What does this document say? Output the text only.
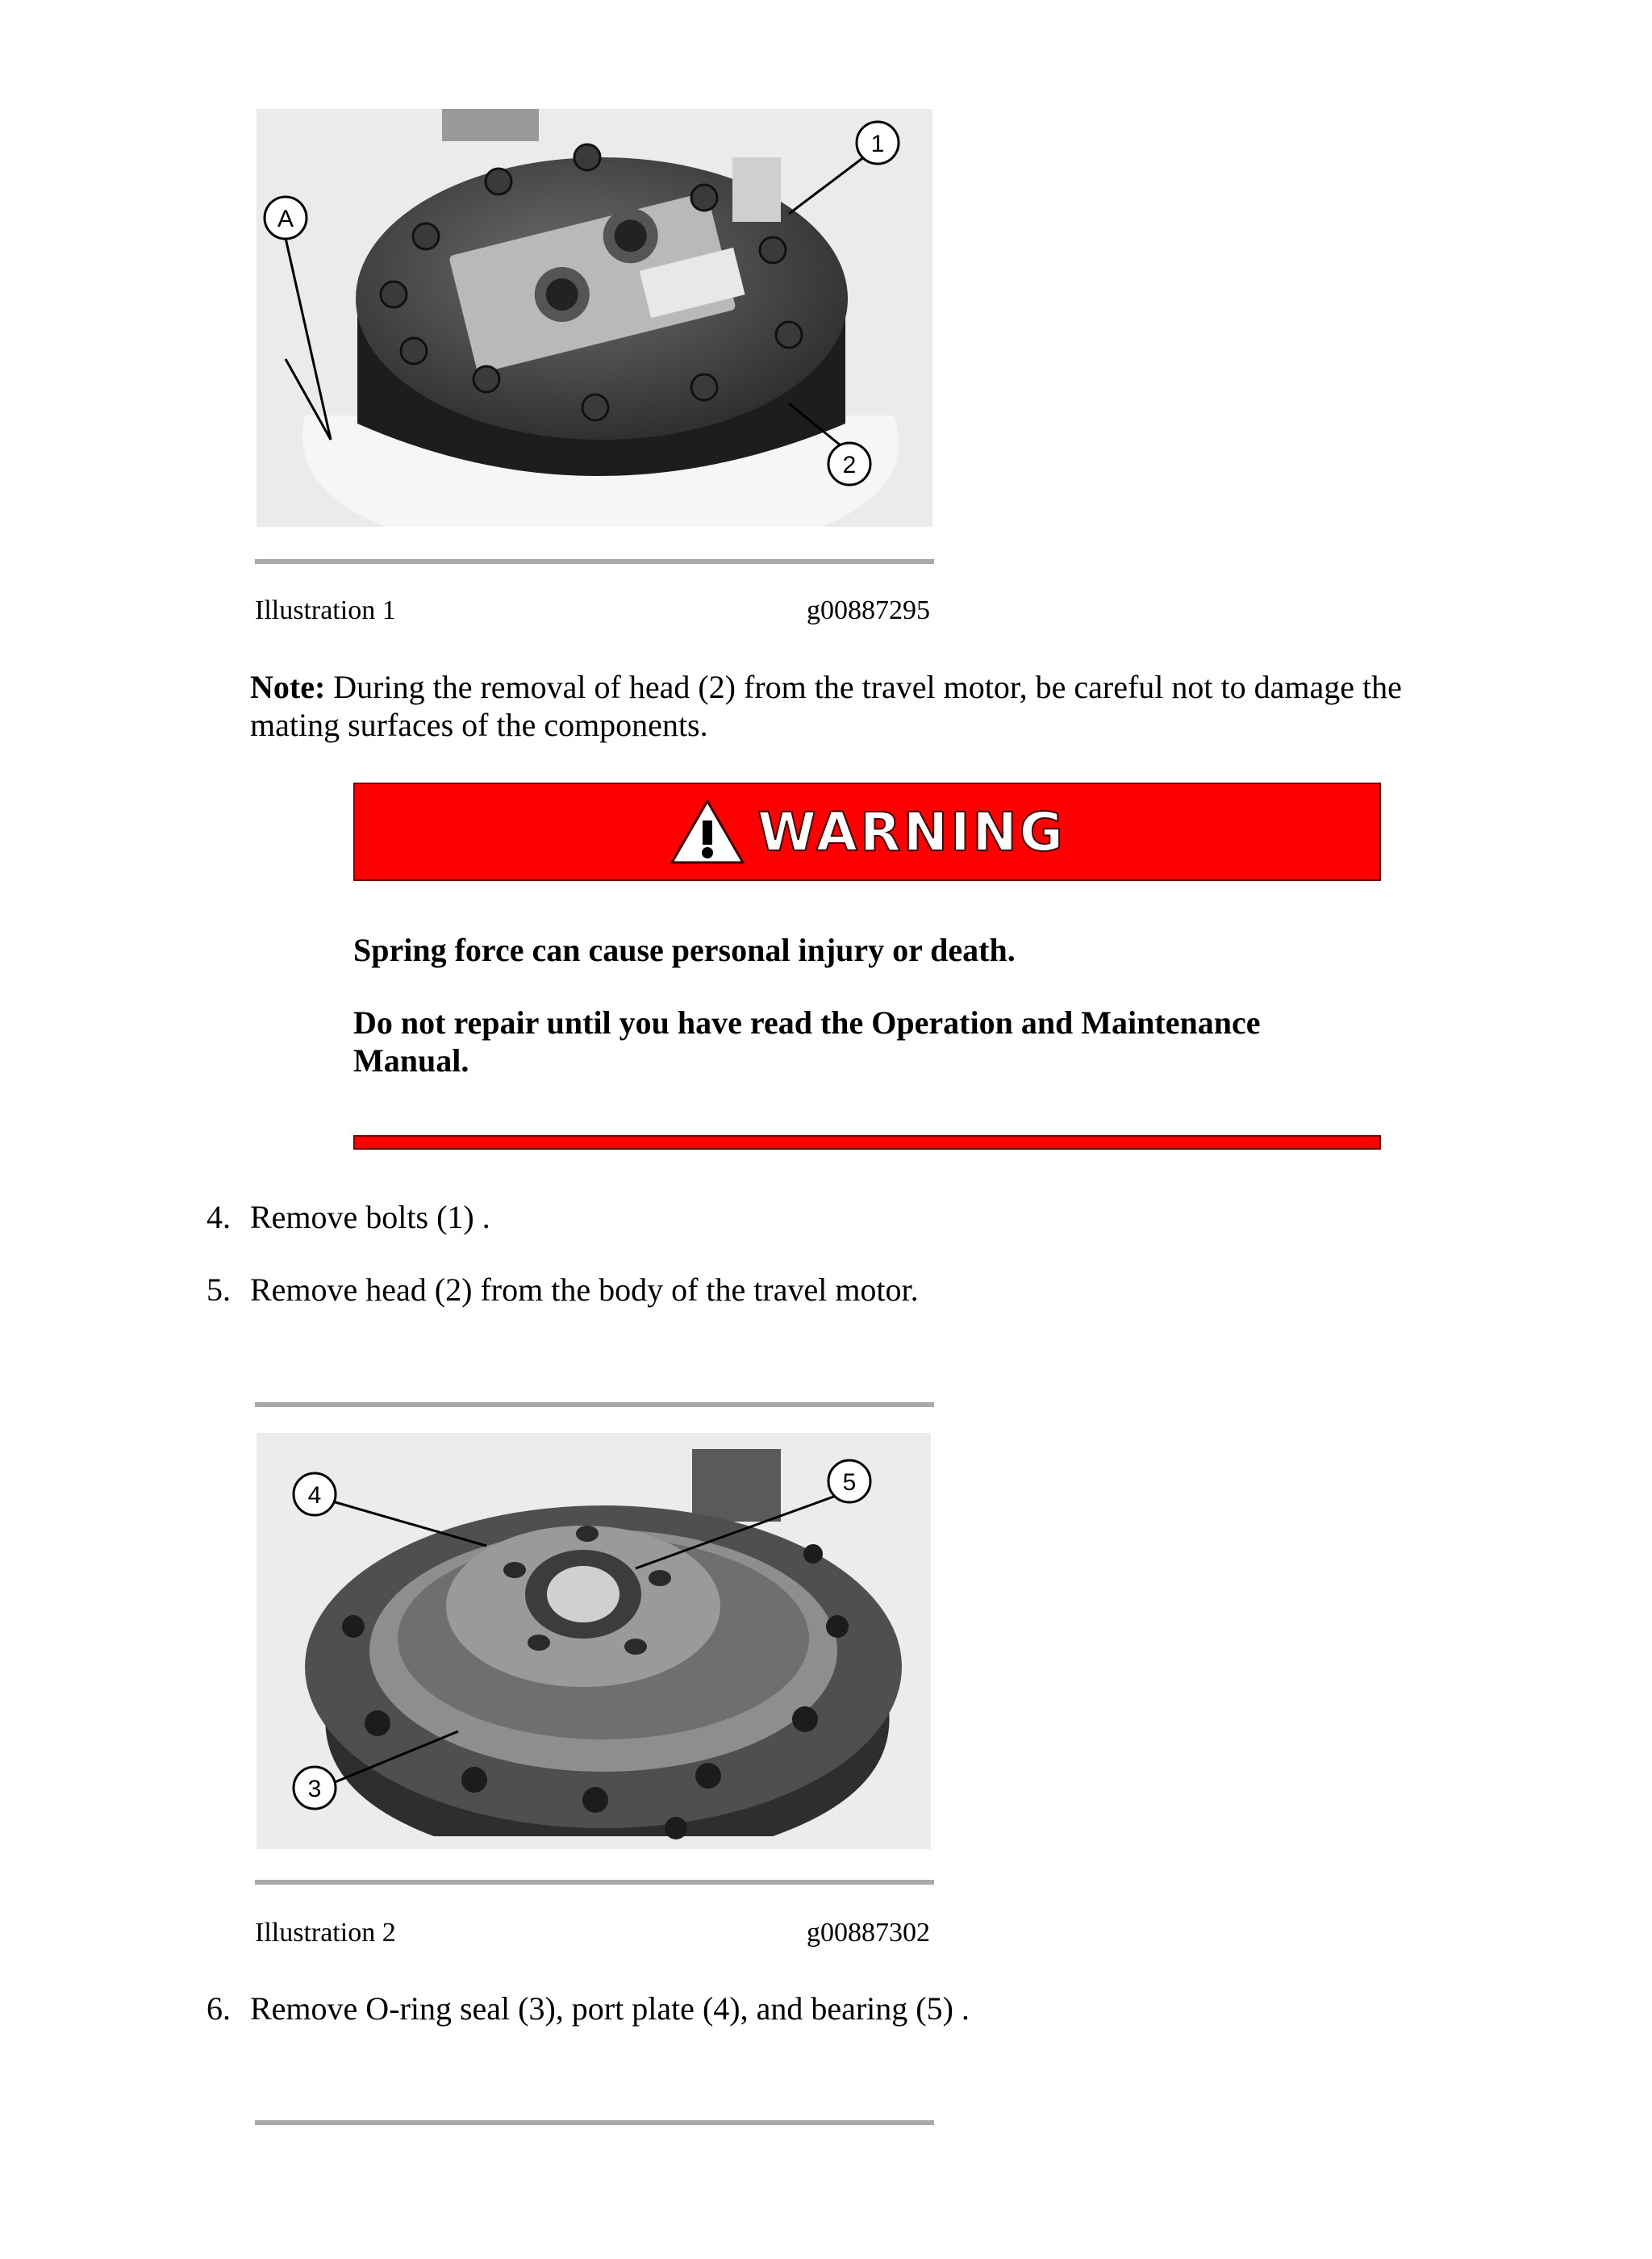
A
1
2
Illustration 1	g00887295
Note: During the removal of head (2) from the travel motor, be careful not to damage the mating surfaces of the components.
WARNING
Spring force can cause personal injury or death.
Do not repair until you have read the Operation and Maintenance Manual.
4. Remove bolts (1) .
5. Remove head (2) from the body of the travel motor.
4	5
3
Illustration 2	g00887302
6. Remove O-ring seal (3), port plate (4), and bearing (5) .
